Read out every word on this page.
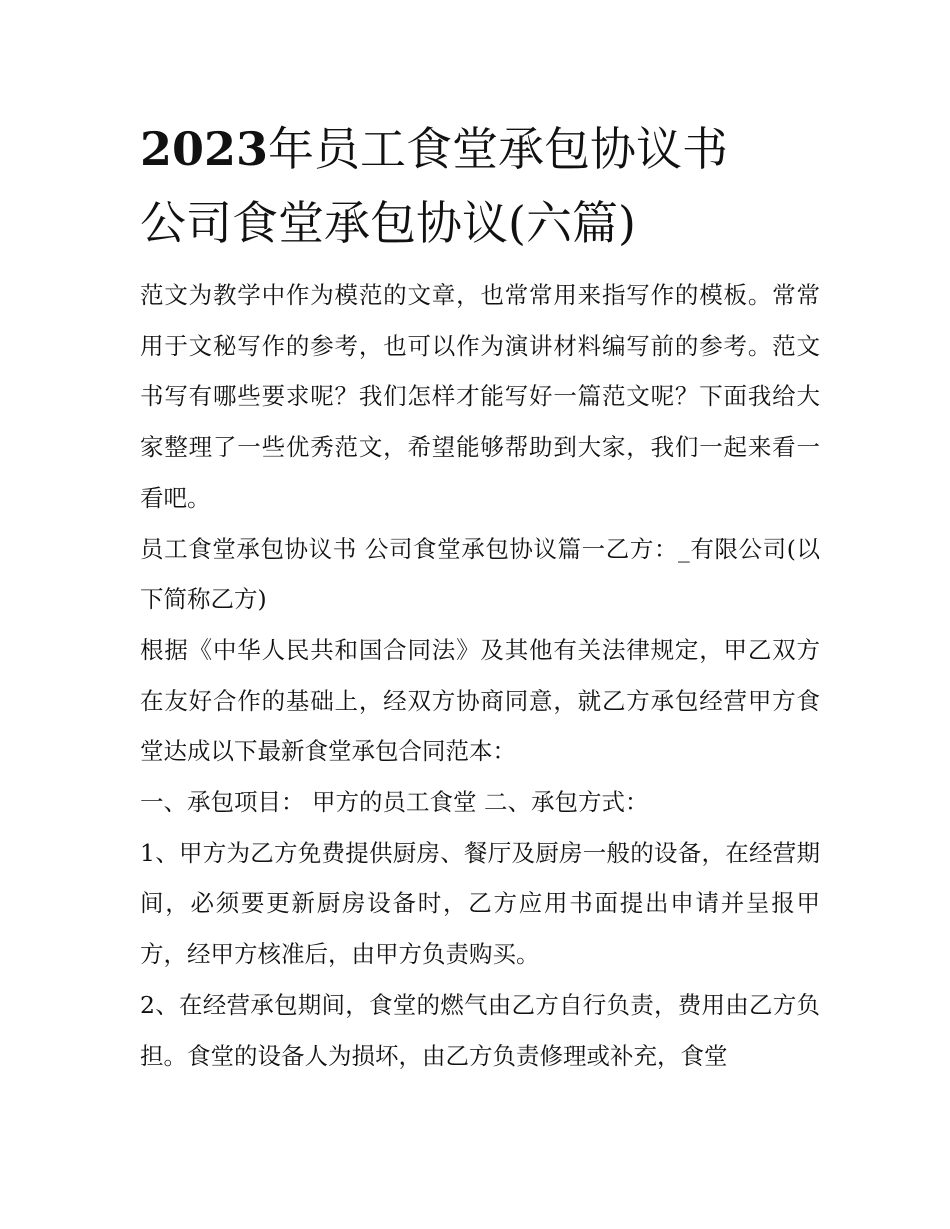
2023年员工食堂承包协议书
公司食堂承包协议(六篇)

范文为教学中作为模范的文章，也常常用来指写作的模板。常常用于文秘写作的参考，也可以作为演讲材料编写前的参考。范文书写有哪些要求呢？我们怎样才能写好一篇范文呢？下面我给大家整理了一些优秀范文，希望能够帮助到大家，我们一起来看一看吧。

员工食堂承包协议书 公司食堂承包协议篇一乙方：_有限公司(以下简称乙方)

根据《中华人民共和国合同法》及其他有关法律规定，甲乙双方在友好合作的基础上，经双方协商同意，就乙方承包经营甲方食堂达成以下最新食堂承包合同范本：

一、承包项目： 甲方的员工食堂 二、承包方式：

1、甲方为乙方免费提供厨房、餐厅及厨房一般的设备，在经营期间，必须要更新厨房设备时，乙方应用书面提出申请并呈报甲方，经甲方核准后，由甲方负责购买。

2、在经营承包期间，食堂的燃气由乙方自行负责，费用由乙方负担。食堂的设备人为损坏，由乙方负责修理或补充，食堂
